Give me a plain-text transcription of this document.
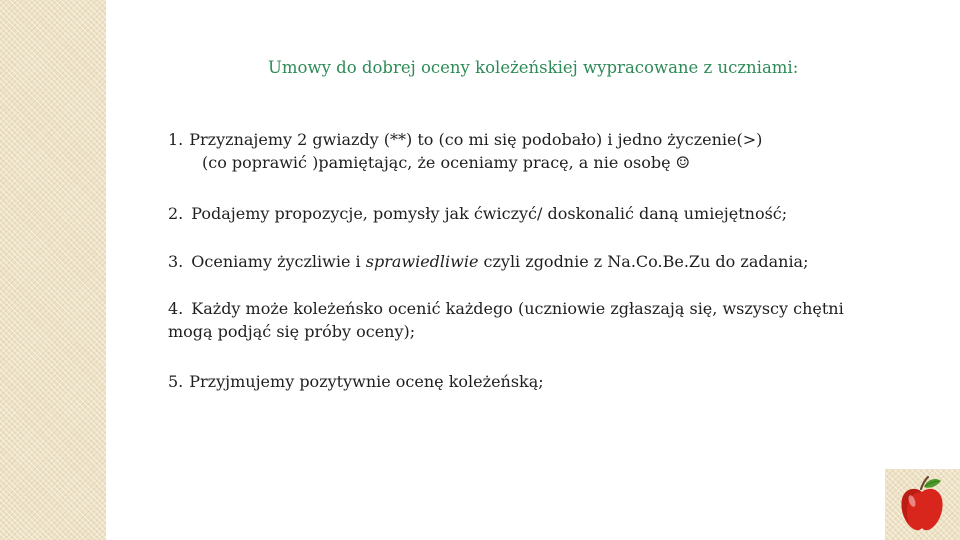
Umowy do dobrej oceny koleżeńskiej wypracowane z uczniami:
1. Przyznajemy 2 gwiazdy (**) to (co mi się podobało) i jedno życzenie(>)
(co poprawić )pamiętając, że oceniamy pracę, a nie osobę ☺
2. Podajemy propozycje, pomysły jak ćwiczyć/ doskonalić daną umiejętność;
3. Oceniamy życzliwie i sprawiedliwie czyli zgodnie z Na.Co.Be.Zu do zadania;
4. Każdy może koleżeńsko ocenić każdego (uczniowie zgłaszają się, wszyscy chętni
mogą podjąć się próby oceny);
5. Przyjmujemy pozytywnie ocenę koleżeńską;
